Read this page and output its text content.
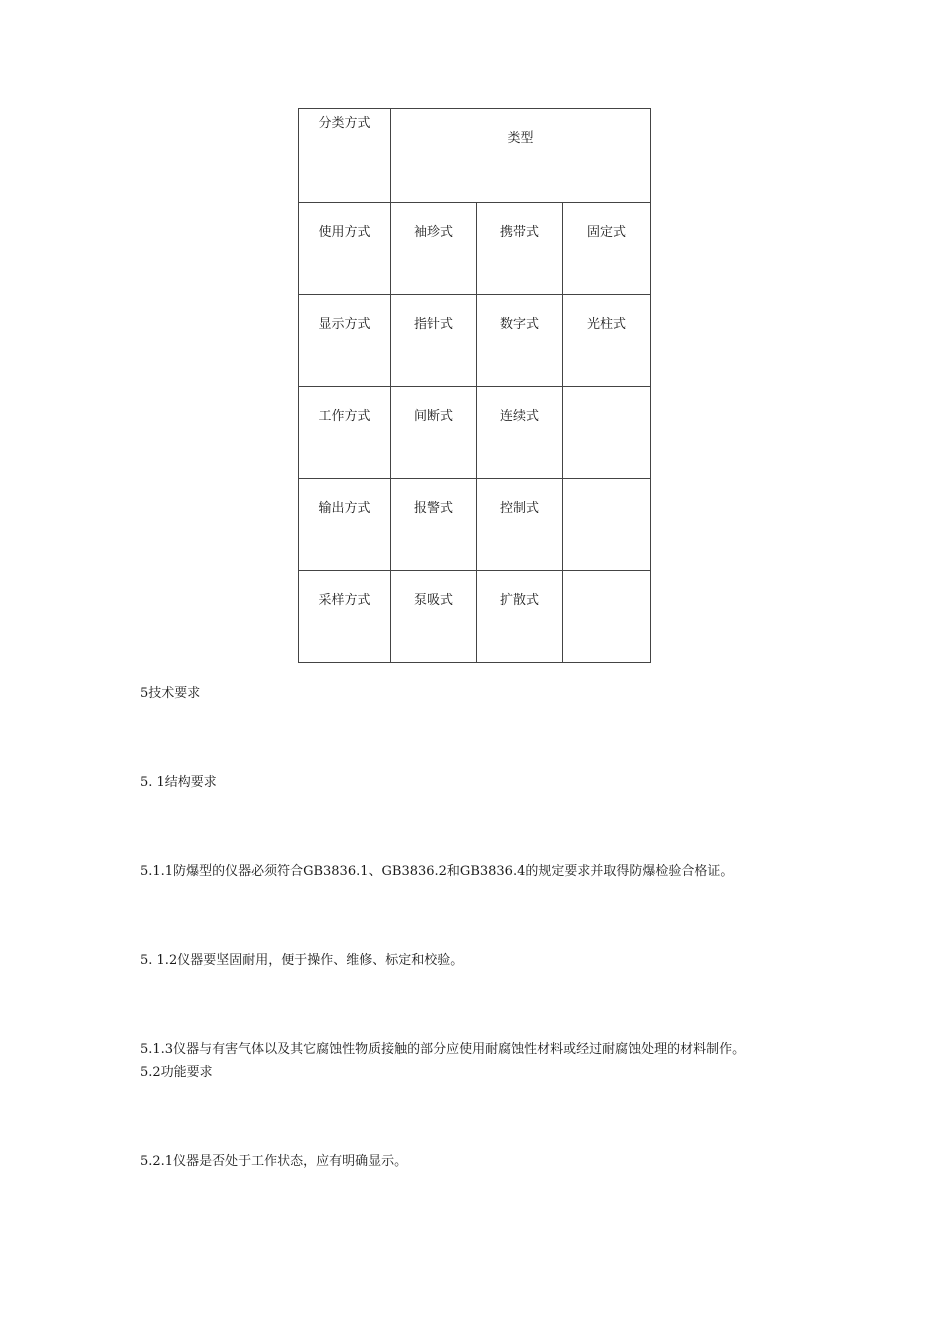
分类方式	类型		

使用方式	袖珍式	携带式	固定式

显示方式	指针式	数字式	光柱式

工作方式	间断式	连续式	

输出方式	报警式	控制式	

采样方式	泵吸式	扩散式	

5技术要求
5. 1结构要求
5.1.1防爆型的仪器必须符合GB3836.1、GB3836.2和GB3836.4的规定要求并取得防爆检验合格证。
5. 1.2仪器要坚固耐用，便于操作、维修、标定和校验。
5.1.3仪器与有害气体以及其它腐蚀性物质接触的部分应使用耐腐蚀性材料或经过耐腐蚀处理的材料制作。
5.2功能要求
5.2.1仪器是否处于工作状态，应有明确显示。
